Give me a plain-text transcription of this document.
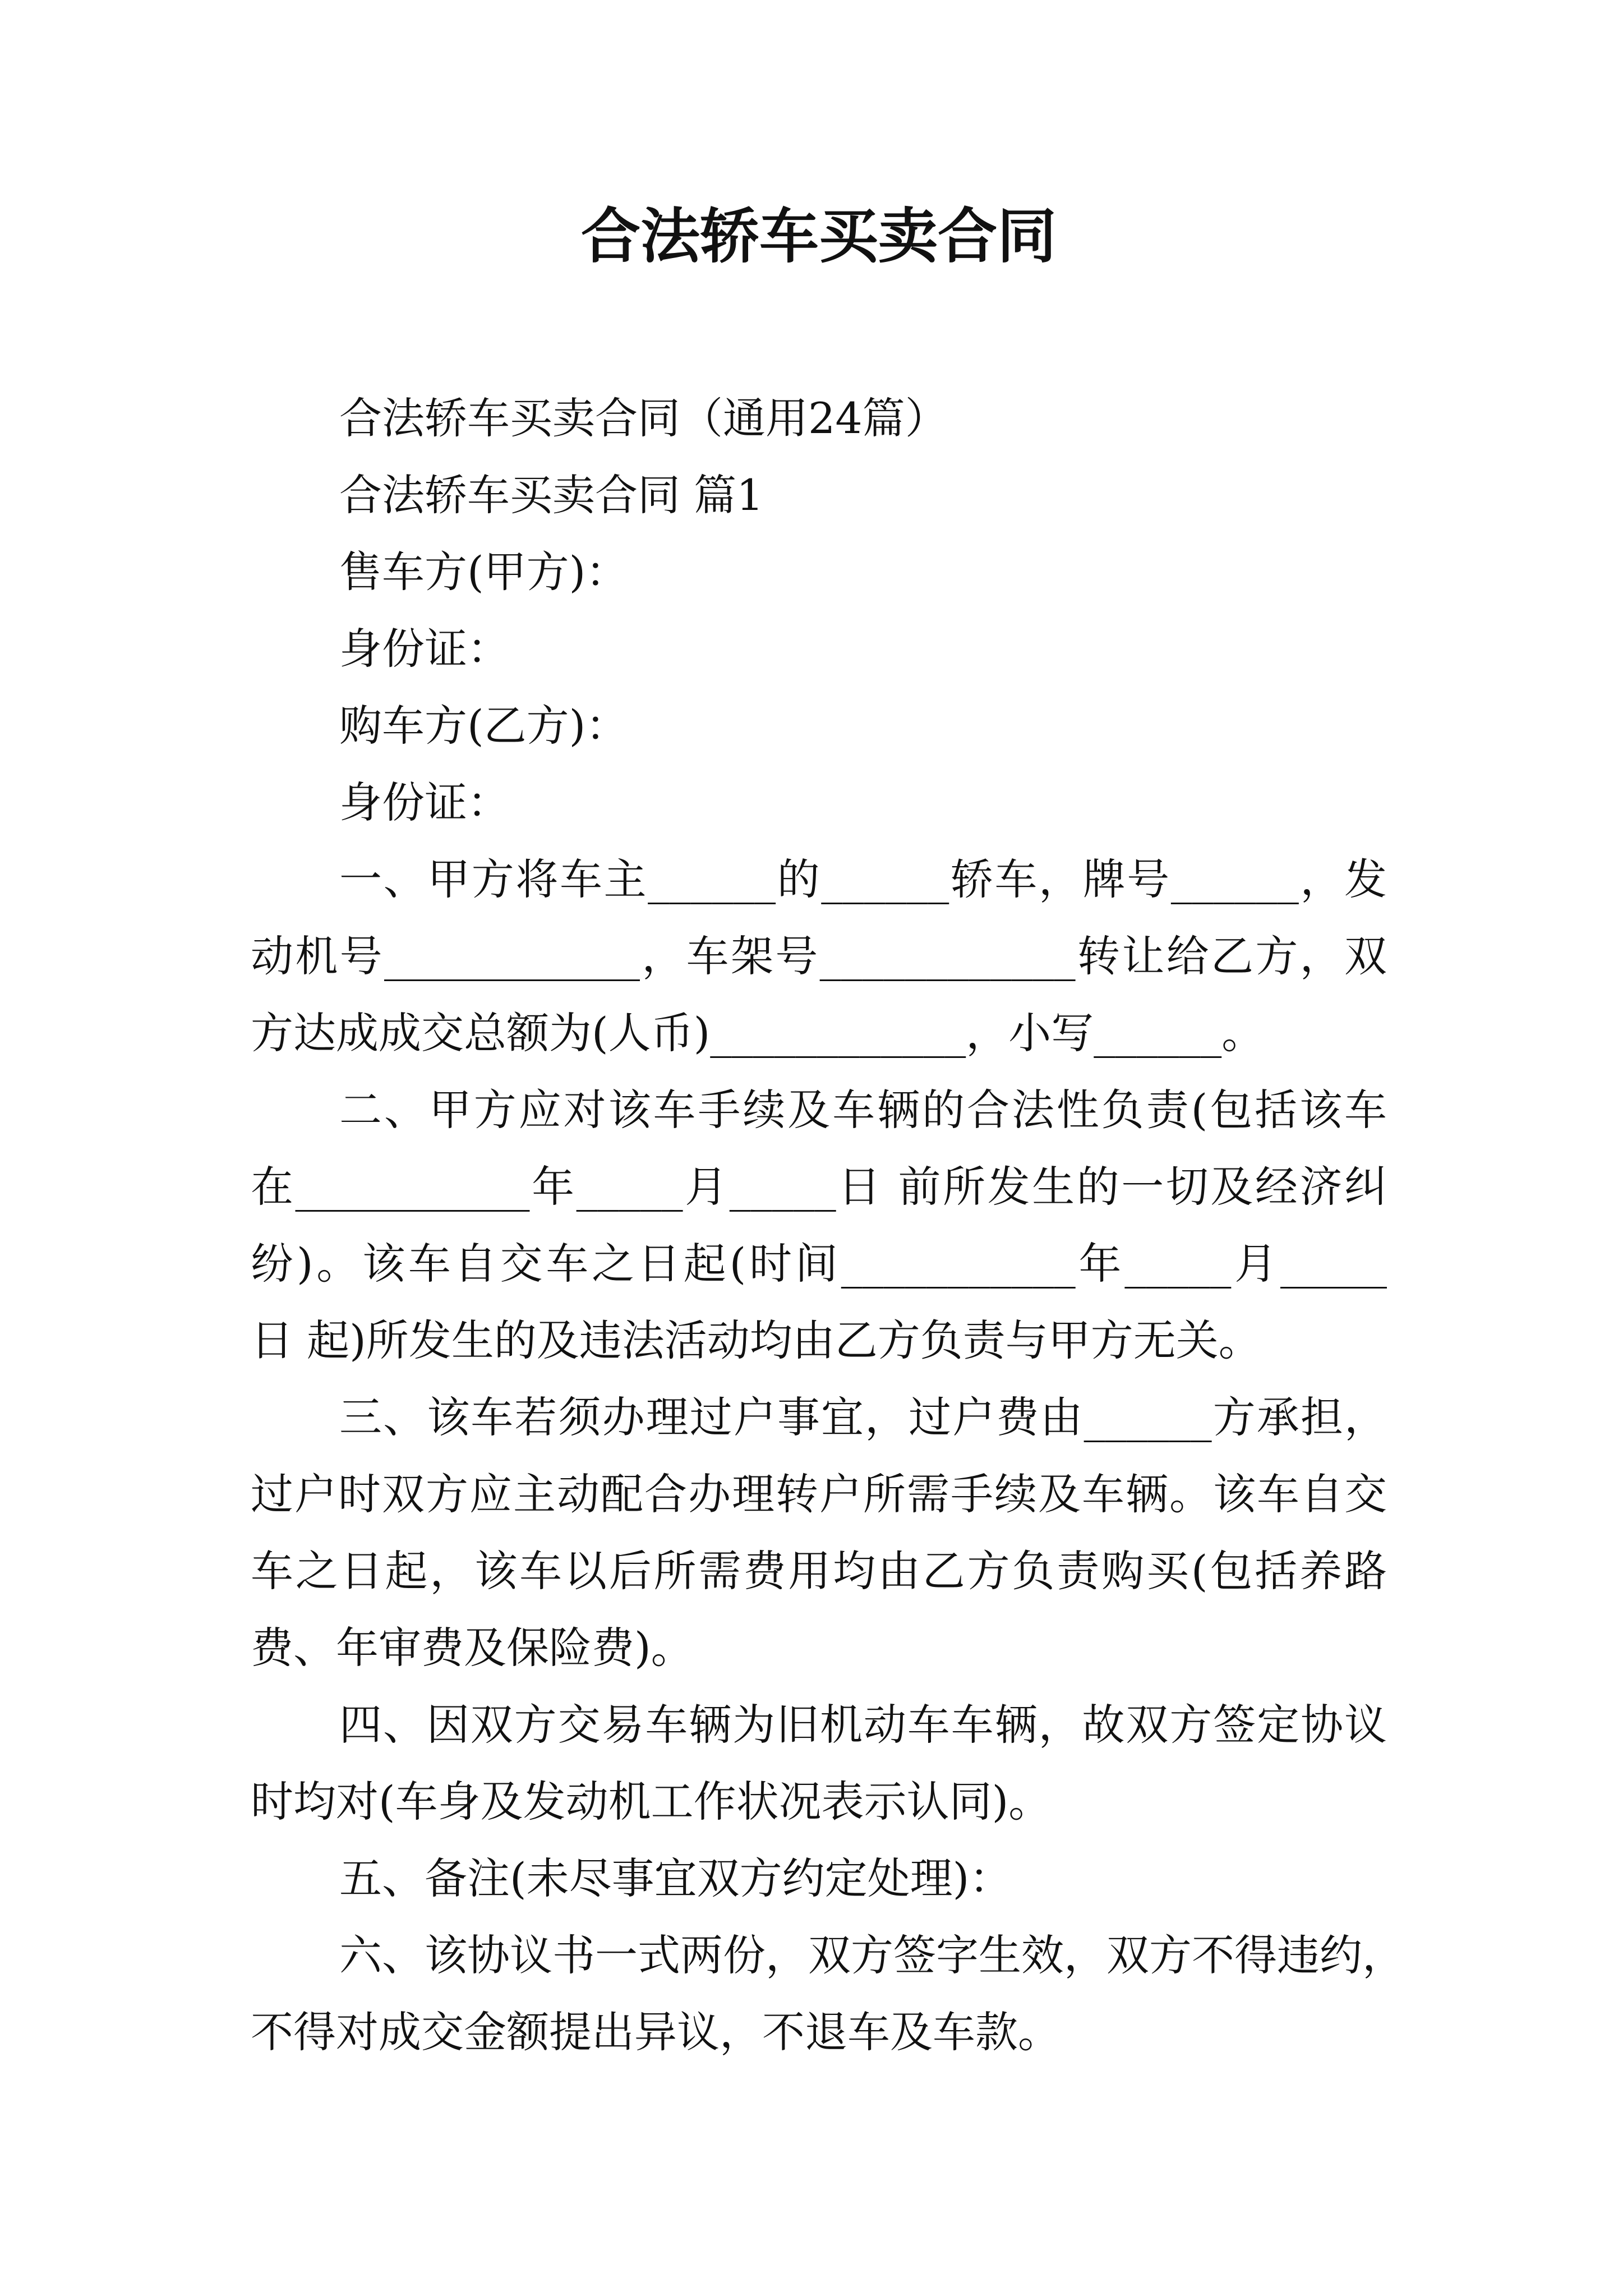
合法轿车买卖合同
合法轿车买卖合同（通用24篇）
合法轿车买卖合同 篇1
售车方(甲方)：
身份证：
购车方(乙方)：
身份证：
一、甲方将车主______的______轿车，牌号______，发
动机号____________，车架号____________转让给乙方，双
方达成成交总额为(人币)____________，小写______。
二、甲方应对该车手续及车辆的合法性负责(包括该车
在___________年_____月_____日 前所发生的一切及经济纠
纷)。该车自交车之日起(时间___________年_____月_____
日 起)所发生的及违法活动均由乙方负责与甲方无关。
三、该车若须办理过户事宜，过户费由______方承担，
过户时双方应主动配合办理转户所需手续及车辆。该车自交
车之日起，该车以后所需费用均由乙方负责购买(包括养路
费、年审费及保险费)。
四、因双方交易车辆为旧机动车车辆，故双方签定协议
时均对(车身及发动机工作状况表示认同)。
五、备注(未尽事宜双方约定处理)：
六、该协议书一式两份，双方签字生效，双方不得违约，
不得对成交金额提出异议，不退车及车款。
